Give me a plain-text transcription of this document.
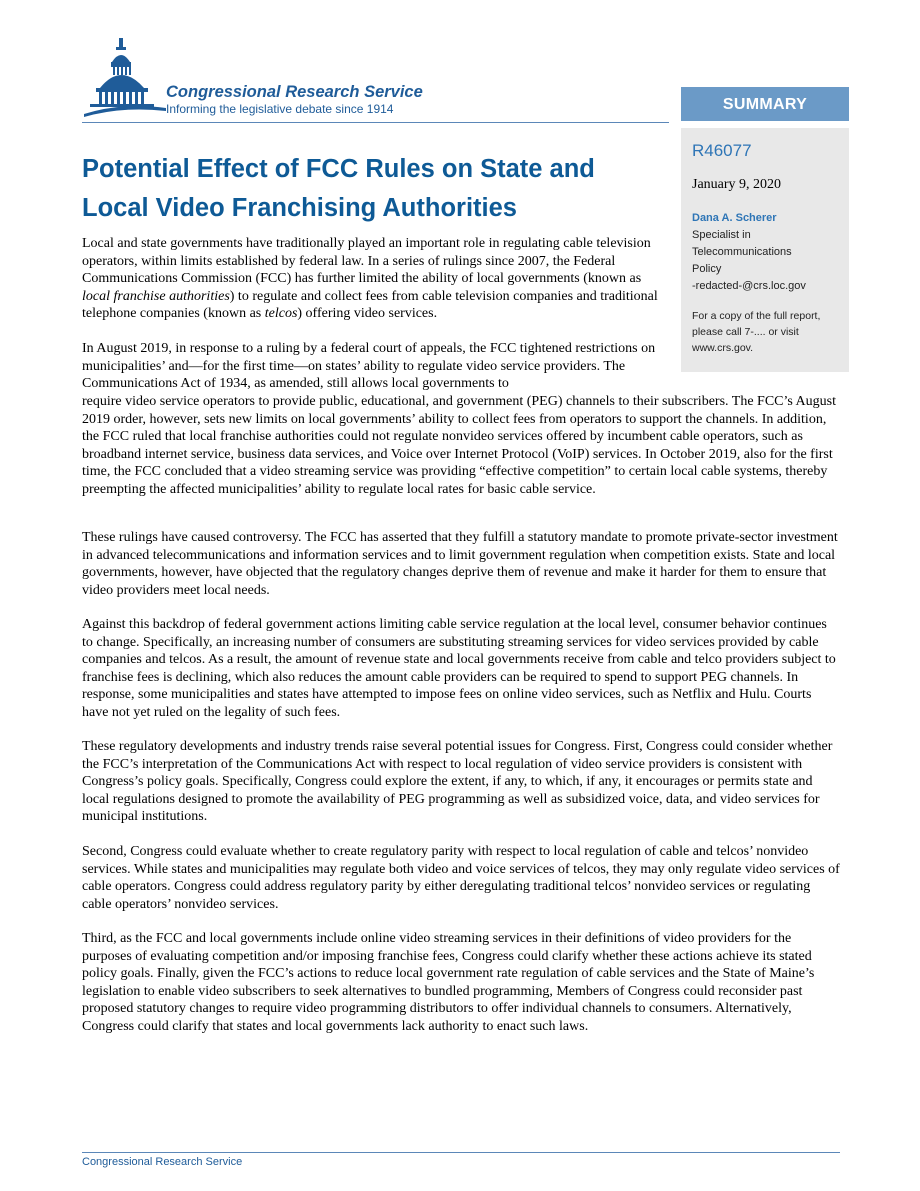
Congressional Research Service
Informing the legislative debate since 1914	SUMMARY
R46077
January 9, 2020
Dana A. Scherer
Specialist in
Telecommunications
Policy
-redacted-@crs.loc.gov
For a copy of the full report,
please call 7-.... or visit
www.crs.gov.
Potential Effect of FCC Rules on State and
Local Video Franchising Authorities

Local and state governments have traditionally played an important role in regulating cable television operators, within limits established by federal law. In a series of rulings since 2007, the Federal Communications Commission (FCC) has further limited the ability of local governments (known as local franchise authorities) to regulate and collect fees from cable television companies and traditional telephone companies (known as telcos) offering video services.

In August 2019, in response to a ruling by a federal court of appeals, the FCC tightened restrictions on municipalities’ and—for the first time—on states’ ability to regulate video service providers. The Communications Act of 1934, as amended, still allows local governments to

require video service operators to provide public, educational, and government (PEG) channels to their subscribers. The FCC’s August 2019 order, however, sets new limits on local governments’ ability to collect fees from operators to support the channels. In addition, the FCC ruled that local franchise authorities could not regulate nonvideo services offered by incumbent cable operators, such as broadband internet service, business data services, and Voice over Internet Protocol (VoIP) services. In October 2019, also for the first time, the FCC concluded that a video streaming service was providing “effective competition” to certain local cable systems, thereby preempting the affected municipalities’ ability to regulate local rates for basic cable service.

These rulings have caused controversy. The FCC has asserted that they fulfill a statutory mandate to promote private-sector investment in advanced telecommunications and information services and to limit government regulation when competition exists. State and local governments, however, have objected that the regulatory changes deprive them of revenue and make it harder for them to ensure that video providers meet local needs.

Against this backdrop of federal government actions limiting cable service regulation at the local level, consumer behavior continues to change. Specifically, an increasing number of consumers are substituting streaming services for video services provided by cable companies and telcos. As a result, the amount of revenue state and local governments receive from cable and telco providers subject to franchise fees is declining, which also reduces the amount cable providers can be required to spend to support PEG channels. In response, some municipalities and states have attempted to impose fees on online video services, such as Netflix and Hulu. Courts have not yet ruled on the legality of such fees.

These regulatory developments and industry trends raise several potential issues for Congress. First, Congress could consider whether the FCC’s interpretation of the Communications Act with respect to local regulation of video service providers is consistent with Congress’s policy goals. Specifically, Congress could explore the extent, if any, to which, if any, it encourages or permits state and local regulations designed to promote the availability of PEG programming as well as subsidized voice, data, and video services for municipal institutions.

Second, Congress could evaluate whether to create regulatory parity with respect to local regulation of cable and telcos’ nonvideo services. While states and municipalities may regulate both video and voice services of telcos, they may only regulate video services of cable operators. Congress could address regulatory parity by either deregulating traditional telcos’ nonvideo services or regulating cable operators’ nonvideo services.

Third, as the FCC and local governments include online video streaming services in their definitions of video providers for the purposes of evaluating competition and/or imposing franchise fees, Congress could clarify whether these actions achieve its stated policy goals. Finally, given the FCC’s actions to reduce local government rate regulation of cable services and the State of Maine’s legislation to enable video subscribers to seek alternatives to bundled programming, Members of Congress could reconsider past proposed statutory changes to require video programming distributors to offer individual channels to consumers. Alternatively, Congress could clarify that states and local governments lack authority to enact such laws.

Congressional Research Service
